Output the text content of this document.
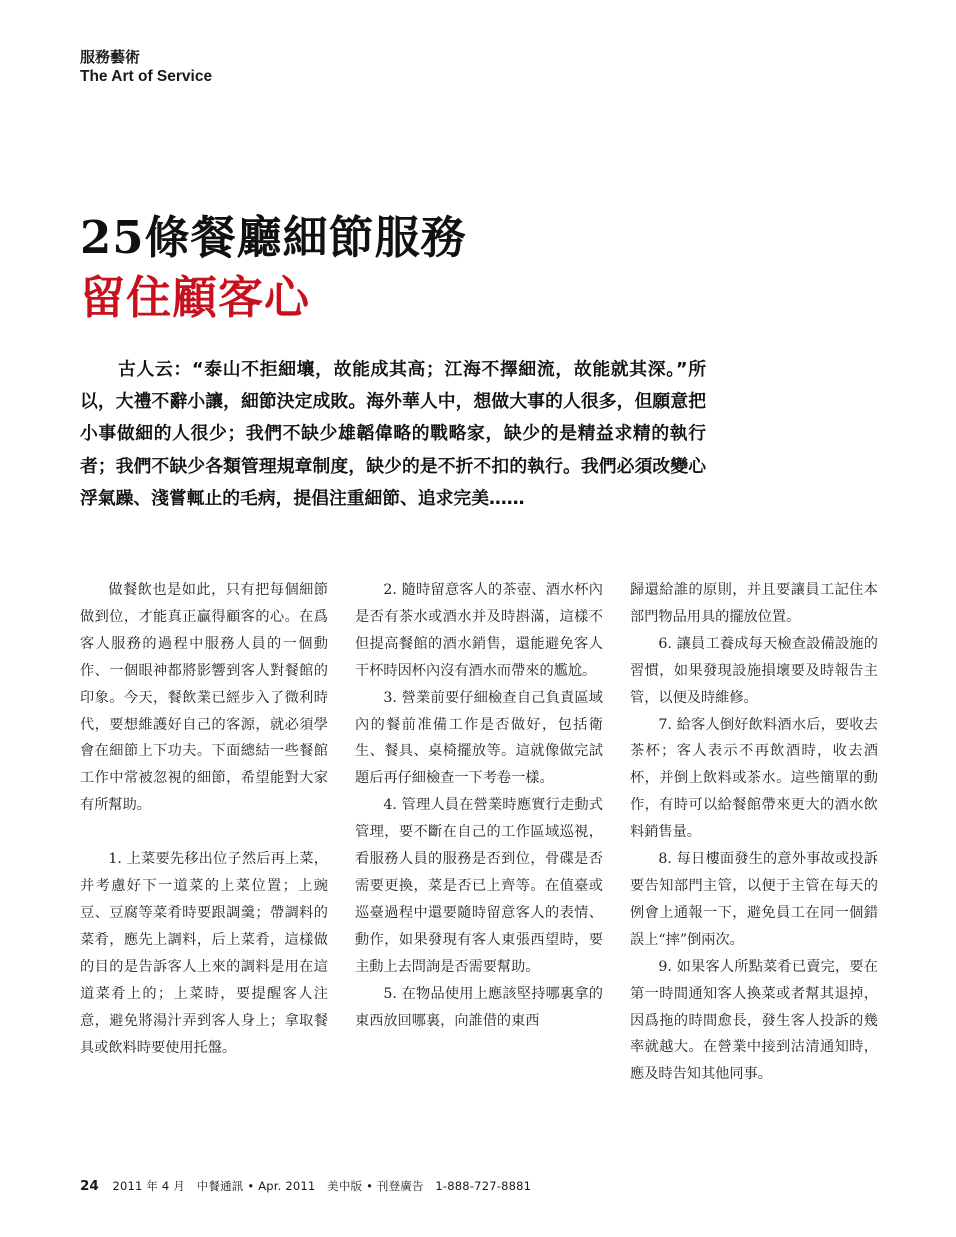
服務藝術
The Art of Service
25條餐廳細節服務
留住顧客心

古人云：“泰山不拒細壤，故能成其高；江海不擇細流，故能就其深。”所以，大禮不辭小讓，細節決定成敗。海外華人中，想做大事的人很多，但願意把小事做細的人很少；我們不缺少雄韜偉略的戰略家，缺少的是精益求精的執行者；我們不缺少各類管理規章制度，缺少的是不折不扣的執行。我們必須改變心浮氣躁、淺嘗輒止的毛病，提倡注重細節、追求完美……

做餐飲也是如此，只有把每個細節做到位，才能真正贏得顧客的心。在爲客人服務的過程中服務人員的一個動作、一個眼神都將影響到客人對餐館的印象。今天，餐飲業已經步入了微利時代，要想維護好自己的客源，就必須學會在細節上下功夫。下面總結一些餐館工作中常被忽視的細節，希望能對大家有所幫助。

1. 上菜要先移出位子然后再上菜，并考慮好下一道菜的上菜位置；上豌豆、豆腐等菜肴時要跟調羹；帶調料的菜肴，應先上調料，后上菜肴，這樣做的目的是告訴客人上來的調料是用在這道菜肴上的；上菜時，要提醒客人注意，避免將湯汁弄到客人身上；拿取餐具或飲料時要使用托盤。

2. 隨時留意客人的茶壺、酒水杯內是否有茶水或酒水并及時斟滿，這樣不但提高餐館的酒水銷售，還能避免客人干杯時因杯內沒有酒水而帶來的尷尬。

3. 營業前要仔細檢查自己負責區域內的餐前准備工作是否做好，包括衛生、餐具、桌椅擺放等。這就像做完試題后再仔細檢查一下考卷一樣。

4. 管理人員在營業時應實行走動式管理，要不斷在自己的工作區域巡視，看服務人員的服務是否到位，骨碟是否需要更換，菜是否已上齊等。在值臺或巡臺過程中還要隨時留意客人的表情、動作，如果發現有客人東張西望時，要主動上去問詢是否需要幫助。

5. 在物品使用上應該堅持哪裏拿的東西放回哪裏，向誰借的東西

歸還給誰的原則，并且要讓員工記住本部門物品用具的擺放位置。

6. 讓員工養成每天檢查設備設施的習慣，如果發現設施損壞要及時報告主管，以便及時維修。

7. 給客人倒好飲料酒水后，要收去茶杯；客人表示不再飲酒時，收去酒杯，并倒上飲料或茶水。這些簡單的動作，有時可以給餐館帶來更大的酒水飲料銷售量。

8. 每日樓面發生的意外事故或投訴要告知部門主管，以便于主管在每天的例會上通報一下，避免員工在同一個錯誤上“摔”倒兩次。

9. 如果客人所點菜肴已賣完，要在第一時間通知客人換菜或者幫其退掉，因爲拖的時間愈長，發生客人投訴的幾率就越大。在營業中接到沽清通知時，應及時告知其他同事。

24 2011 年 4 月　中餐通訊 • Apr. 2011　美中版 • 刊登廣告　1-888-727-8881
